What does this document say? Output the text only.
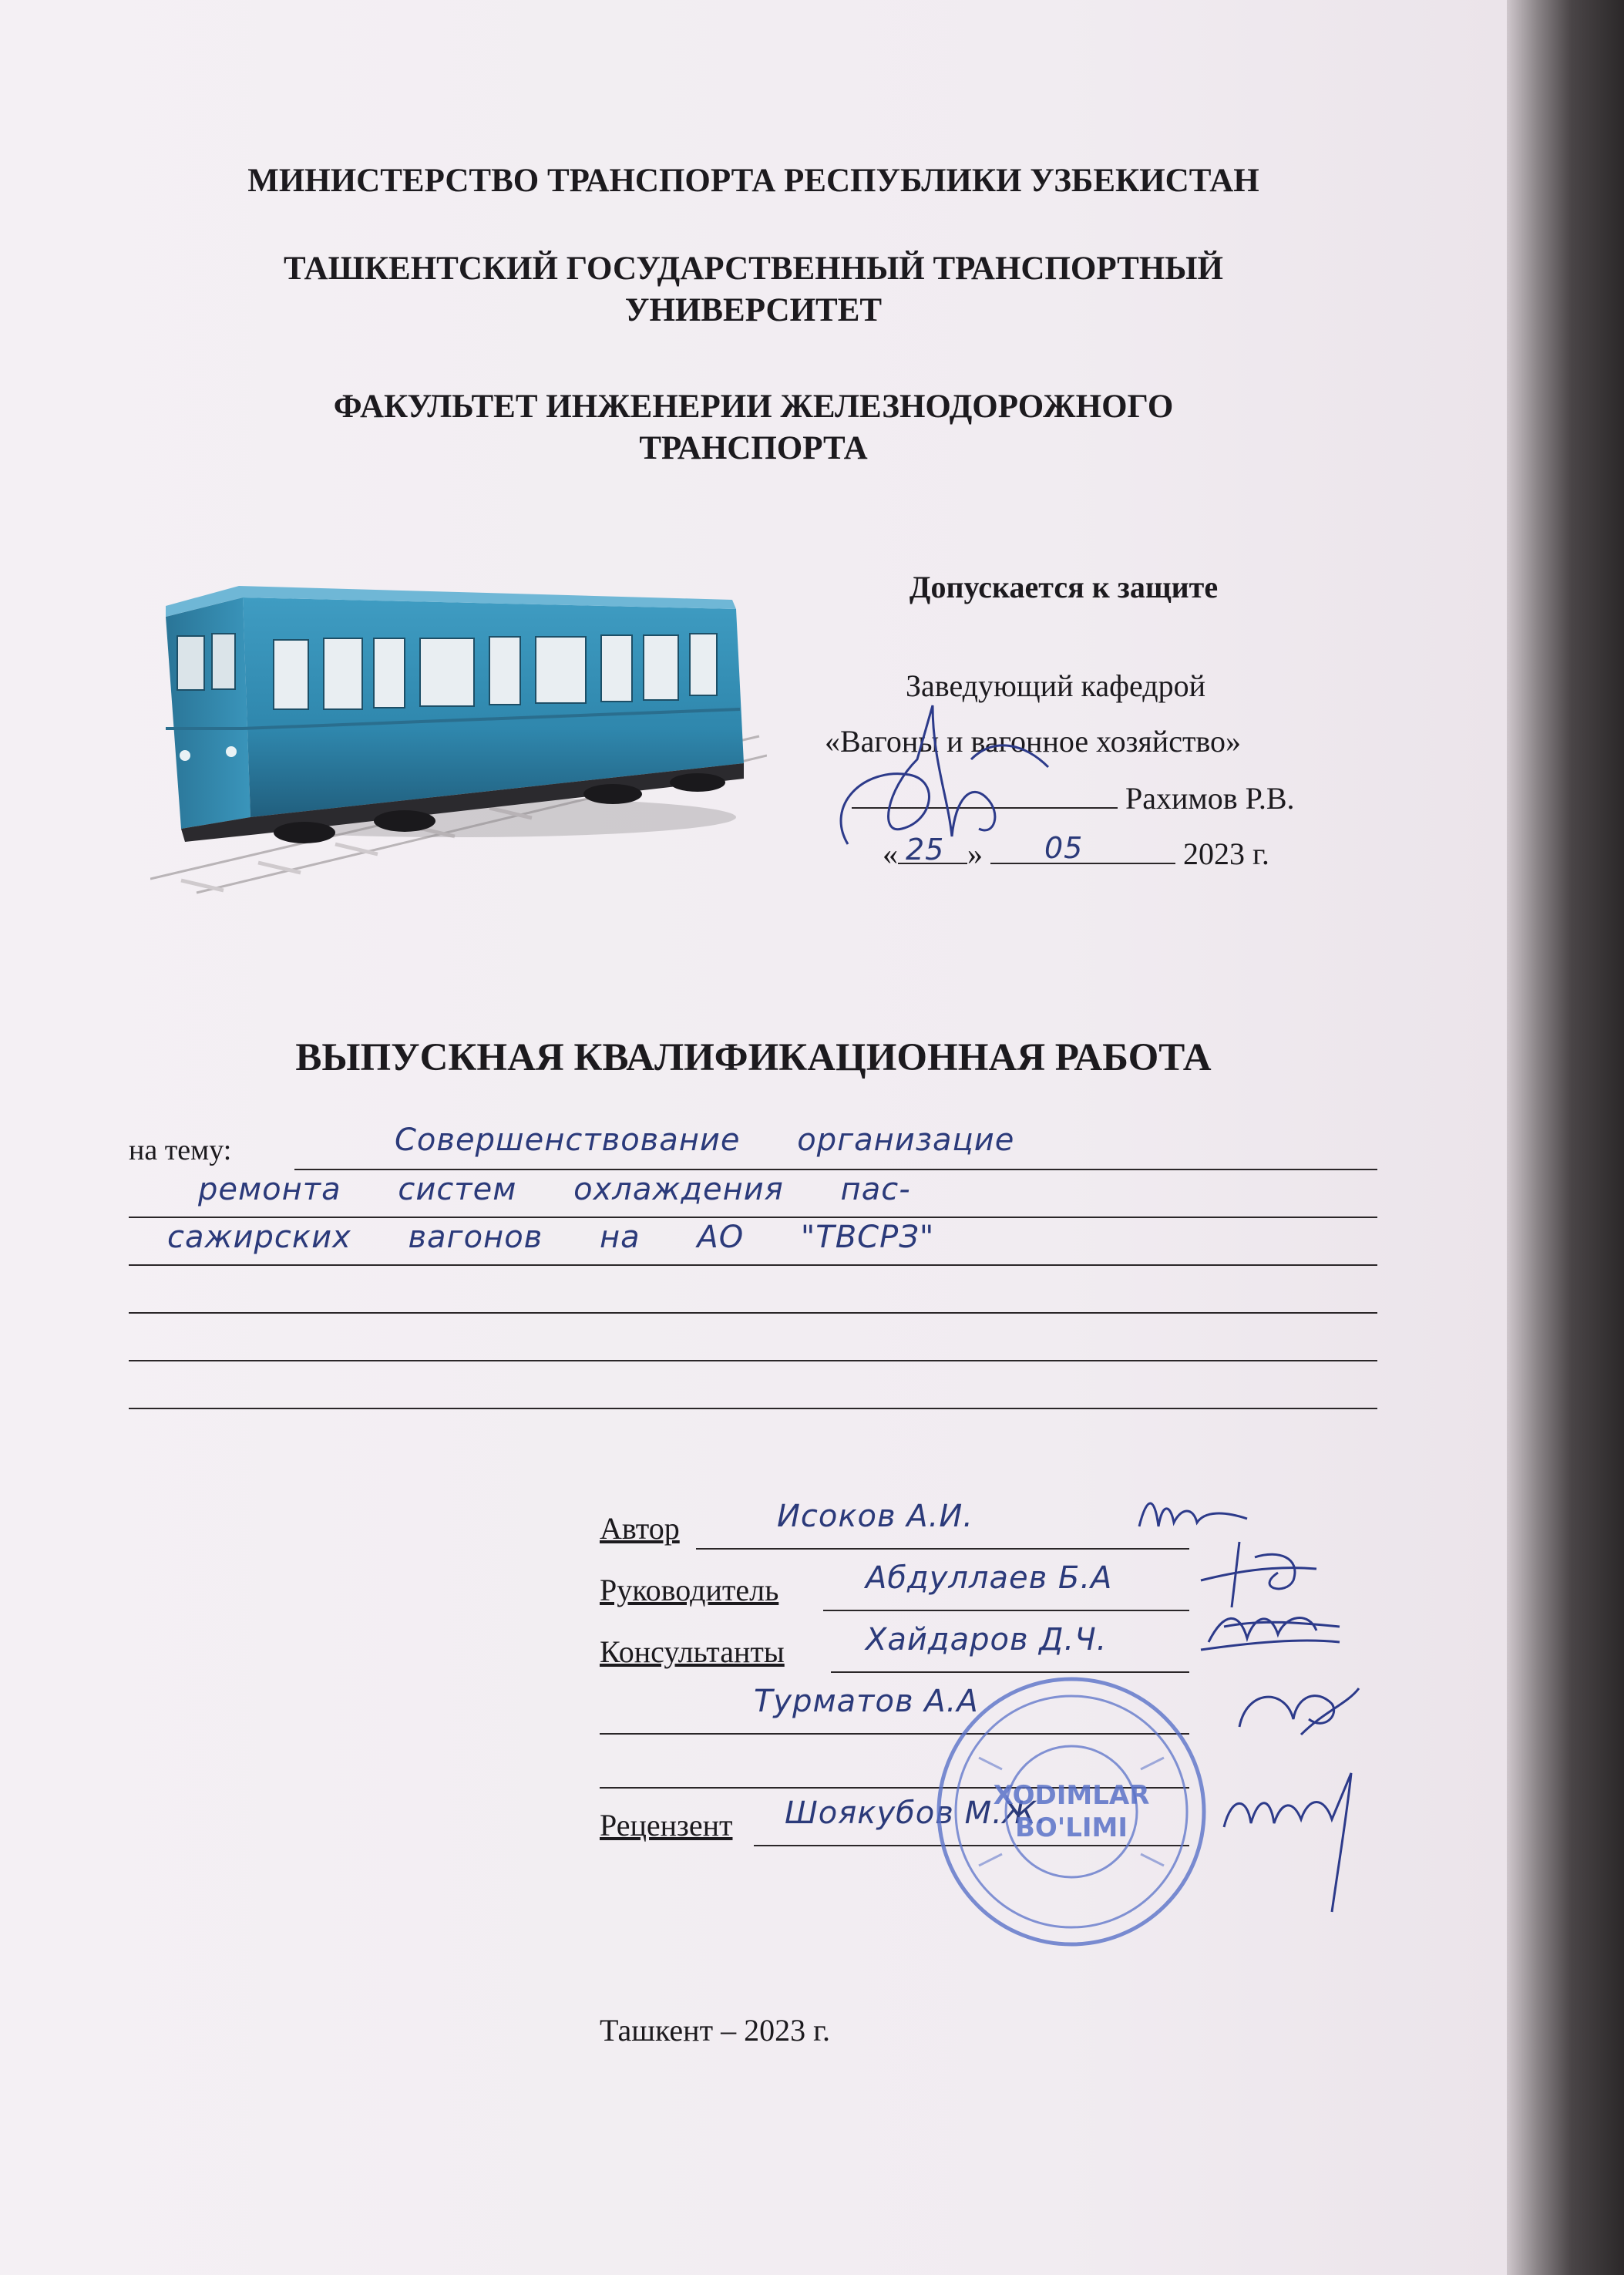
МИНИСТЕРСТВО ТРАНСПОРТА РЕСПУБЛИКИ УЗБЕКИСТАН

ТАШКЕНТСКИЙ ГОСУДАРСТВЕННЫЙ ТРАНСПОРТНЫЙ
УНИВЕРСИТЕТ
ФАКУЛЬТЕТ ИНЖЕНЕРИИ ЖЕЛЕЗНОДОРОЖНОГО
ТРАНСПОРТА

Допускается к защите

Заведующий кафедрой
«Вагоны и вагонное хозяйство»
Рахимов Р.В.
« 25 » 05	2023 г.
ВЫПУСКНАЯ КВАЛИФИКАЦИОННАЯ РАБОТА
на тему:	Совершенствование организацие
ремонта систем охлаждения пас-
сажирских вагонов на АО "ТВСРЗ"
Автор	Исоков А.И.
Руководитель	Абдуллаев Б.А
Консультанты	Хайдаров Д.Ч.
Турматов А.А
Рецензент Шоякубов М.Ж.
XODIMLAR
BO'LIMI

Ташкент – 2023 г.
